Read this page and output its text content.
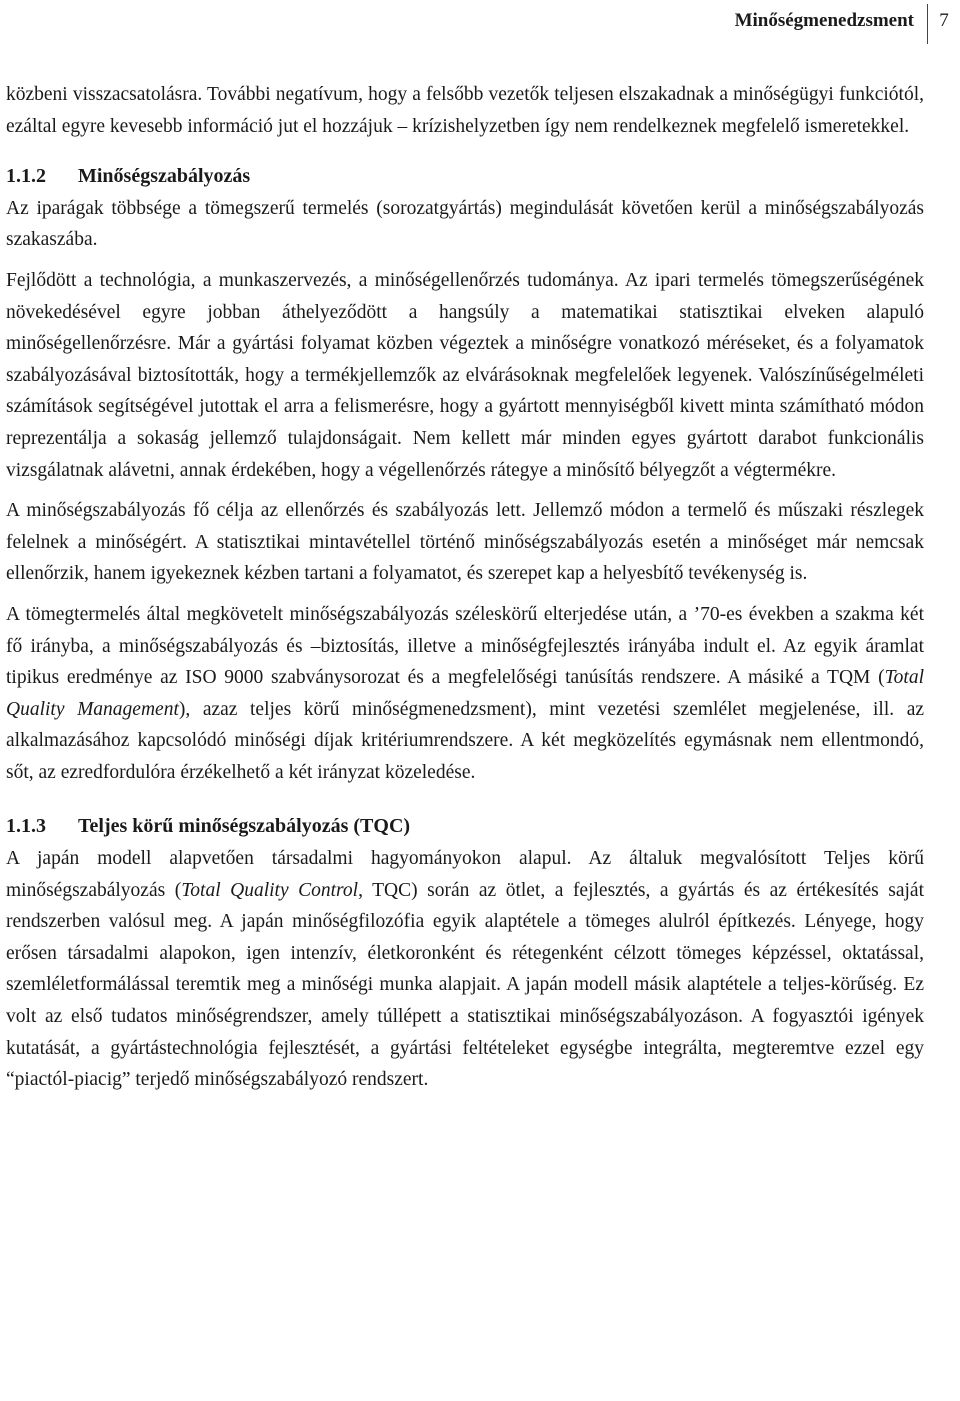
Minőségmenedzsment	7

közbeni visszacsatolásra. További negatívum, hogy a felsőbb vezetők teljesen elszakadnak a minőségügyi funkciótól, ezáltal egyre kevesebb információ jut el hozzájuk – krízishelyzetben így nem rendelkeznek megfelelő ismeretekkel.

1.1.2	Minőségszabályozás

Az iparágak többsége a tömegszerű termelés (sorozatgyártás) megindulását követően kerül a minőségszabályozás szakaszába.

Fejlődött a technológia, a munkaszervezés, a minőségellenőrzés tudománya. Az ipari termelés tömegszerűségének növekedésével egyre jobban áthelyeződött a hangsúly a matematikai statisztikai elveken alapuló minőségellenőrzésre. Már a gyártási folyamat közben végeztek a minőségre vonatkozó méréseket, és a folyamatok szabályozásával biztosították, hogy a termékjellemzők az elvárásoknak megfelelőek legyenek. Valószínűségelméleti számítások segítségével jutottak el arra a felismerésre, hogy a gyártott mennyiségből kivett minta számítható módon reprezentálja a sokaság jellemző tulajdonságait. Nem kellett már minden egyes gyártott darabot funkcionális vizsgálatnak alávetni, annak érdekében, hogy a végellenőrzés rátegye a minősítő bélyegzőt a végtermékre.

A minőségszabályozás fő célja az ellenőrzés és szabályozás lett. Jellemző módon a termelő és műszaki részlegek felelnek a minőségért. A statisztikai mintavétellel történő minőségszabályozás esetén a minőséget már nemcsak ellenőrzik, hanem igyekeznek kézben tartani a folyamatot, és szerepet kap a helyesbítő tevékenység is.

A tömegtermelés által megkövetelt minőségszabályozás széleskörű elterjedése után, a ’70-es években a szakma két fő irányba, a minőségszabályozás és –biztosítás, illetve a minőségfejlesztés irányába indult el. Az egyik áramlat tipikus eredménye az ISO 9000 szabványsorozat és a megfelelőségi tanúsítás rendszere. A másiké a TQM (Total Quality Management), azaz teljes körű minőségmenedzsment), mint vezetési szemlélet megjelenése, ill. az alkalmazásához kapcsolódó minőségi díjak kritériumrendszere. A két megközelítés egymásnak nem ellentmondó, sőt, az ezredfordulóra érzékelhető a két irányzat közeledése.

1.1.3	Teljes körű minőségszabályozás (TQC)

A japán modell alapvetően társadalmi hagyományokon alapul. Az általuk megvalósított Teljes körű minőségszabályozás (Total Quality Control, TQC) során az ötlet, a fejlesztés, a gyártás és az értékesítés saját rendszerben valósul meg. A japán minőségfilozófia egyik alaptétele a tömeges alulról építkezés. Lényege, hogy erősen társadalmi alapokon, igen intenzív, életkoronként és rétegenként célzott tömeges képzéssel, oktatással, szemléletformálással teremtik meg a minőségi munka alapjait. A japán modell másik alaptétele a teljes-körűség. Ez volt az első tudatos minőségrendszer, amely túllépett a statisztikai minőségszabályozáson. A fogyasztói igények kutatását, a gyártástechnológia fejlesztését, a gyártási feltételeket egységbe integrálta, megteremtve ezzel egy “piactól-piacig” terjedő minőségszabályozó rendszert.
